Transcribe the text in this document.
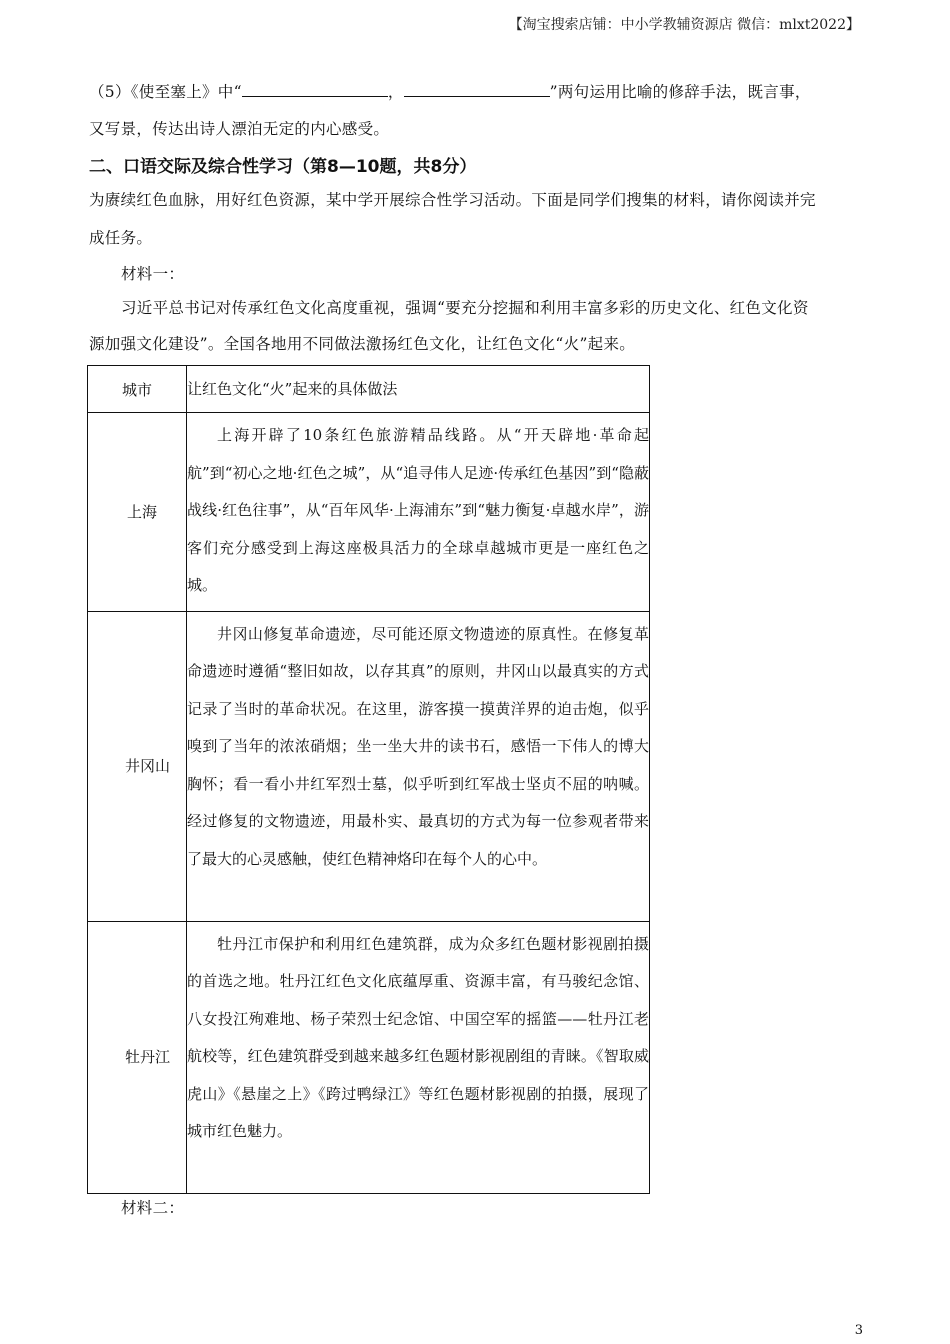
【淘宝搜索店铺：中小学教辅资源店 微信：mlxt2022】
（5）《使至塞上》中“	，	”两句运用比喻的修辞手法，既言事，
又写景，传达出诗人漂泊无定的内心感受。
二、口语交际及综合性学习（第8—10题，共8分）
为赓续红色血脉，用好红色资源，某中学开展综合性学习活动。下面是同学们搜集的材料，请你阅读并完
成任务。
材料一：
习近平总书记对传承红色文化高度重视，强调“要充分挖掘和利用丰富多彩的历史文化、红色文化资
源加强文化建设”。全国各地用不同做法激扬红色文化，让红色文化“火”起来。
城市	让红色文化“火”起来的具体做法

上海	上海开辟了10条红色旅游精品线路。从“开天辟地·革命起航”到“初心之地·红色之城”，从“追寻伟人足迹·传承红色基因”到“隐蔽战线·红色往事”，从“百年风华·上海浦东”到“魅力衡复·卓越水岸”，游客们充分感受到上海这座极具活力的全球卓越城市更是一座红色之城。

井冈山	井冈山修复革命遗迹，尽可能还原文物遗迹的原真性。在修复革命遗迹时遵循“整旧如故，以存其真”的原则，井冈山以最真实的方式记录了当时的革命状况。在这里，游客摸一摸黄洋界的迫击炮，似乎嗅到了当年的浓浓硝烟；坐一坐大井的读书石，感悟一下伟人的博大胸怀；看一看小井红军烈士墓，似乎听到红军战士坚贞不屈的呐喊。经过修复的文物遗迹，用最朴实、最真切的方式为每一位参观者带来了最大的心灵感触，使红色精神烙印在每个人的心中。

牡丹江	牡丹江市保护和利用红色建筑群，成为众多红色题材影视剧拍摄的首选之地。牡丹江红色文化底蕴厚重、资源丰富，有马骏纪念馆、八女投江殉难地、杨子荣烈士纪念馆、中国空军的摇篮——牡丹江老航校等，红色建筑群受到越来越多红色题材影视剧组的青睐。《智取威虎山》《悬崖之上》《跨过鸭绿江》等红色题材影视剧的拍摄，展现了城市红色魅力。
材料二：
3
